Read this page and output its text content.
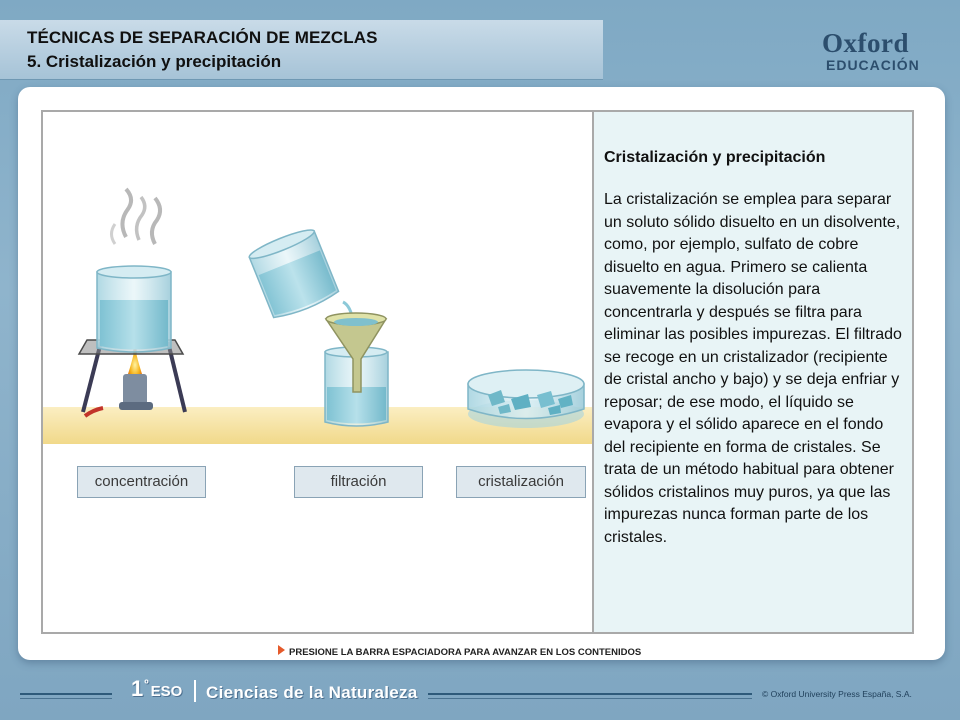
TÉCNICAS DE SEPARACIÓN DE MEZCLAS
5. Cristalización y precipitación
Oxford
EDUCACIÓN
Cristalización y precipitación
La cristalización se emplea para separar un soluto sólido disuelto en un disolvente, como, por ejemplo, sulfato de cobre disuelto en agua. Primero se calienta suavemente la disolución para concentrarla y después se filtra para eliminar las posibles impurezas. El filtrado se recoge en un cristalizador (recipiente de cristal ancho y bajo) y se deja enfriar y reposar; de ese modo, el líquido se evapora y el sólido aparece en el fondo del recipiente en forma de cristales. Se trata de un método habitual para obtener sólidos cristalinos muy puros, ya que las impurezas nunca forman parte de los cristales.
concentración	filtración	cristalización
PRESIONE LA BARRA ESPACIADORA PARA AVANZAR EN LOS CONTENIDOS
$1^º$ ESO Ciencias de la Naturaleza	© Oxford University Press España, S.A.
